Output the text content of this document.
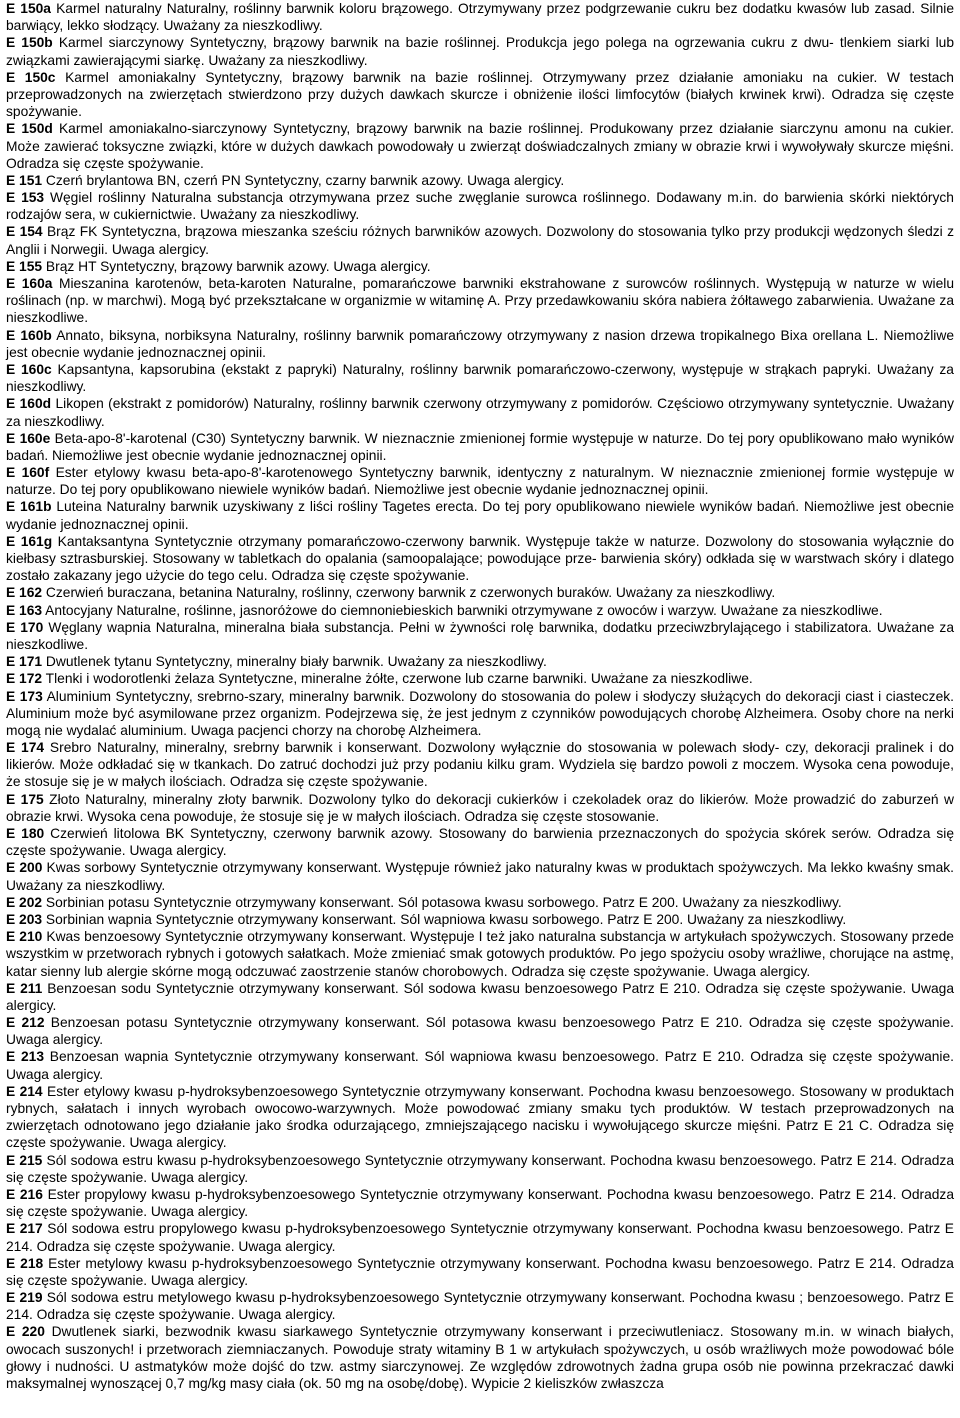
E 150a Karmel naturalny Naturalny, roślinny barwnik koloru brązowego. Otrzymywany przez podgrzewanie cukru bez dodatku kwasów lub zasad. Silnie barwiący, lekko słodzący. Uważany za nieszkodliwy.

E 150b Karmel siarczynowy Syntetyczny, brązowy barwnik na bazie roślinnej. Produkcja jego polega na ogrzewania cukru z dwu- tlenkiem siarki lub związkami zawierającymi siarkę. Uważany za nieszkodliwy.

E 150c Karmel amoniakalny Syntetyczny, brązowy barwnik na bazie roślinnej. Otrzymywany przez działanie amoniaku na cukier. W testach przeprowadzonych na zwierzętach stwierdzono przy dużych dawkach skurcze i obniżenie ilości limfocytów (białych krwinek krwi). Odradza się częste spożywanie.

E 150d Karmel amoniakalno-siarczynowy Syntetyczny, brązowy barwnik na bazie roślinnej. Produkowany przez działanie siarczynu amonu na cukier. Może zawierać toksyczne związki, które w dużych dawkach powodowały u zwierząt doświadczalnych zmiany w obrazie krwi i wywoływały skurcze mięśni. Odradza się częste spożywanie.

E 151 Czerń brylantowa BN, czerń PN Syntetyczny, czarny barwnik azowy. Uwaga alergicy.

E 153 Węgiel roślinny Naturalna substancja otrzymywana przez suche zwęglanie surowca roślinnego. Dodawany m.in. do barwienia skórki niektórych rodzajów sera, w cukiernictwie. Uważany za nieszkodliwy.

E 154 Brąz FK Syntetyczna, brązowa mieszanka sześciu różnych barwników azowych. Dozwolony do stosowania tylko przy produkcji wędzonych śledzi z Anglii i Norwegii. Uwaga alergicy.

E 155 Brąz HT Syntetyczny, brązowy barwnik azowy. Uwaga alergicy.

E 160a Mieszanina karotenów, beta-karoten Naturalne, pomarańczowe barwniki ekstrahowane z surowców roślinnych. Występują w naturze w wielu roślinach (np. w marchwi). Mogą być przekształcane w organizmie w witaminę A. Przy przedawkowaniu skóra nabiera żółtawego zabarwienia. Uważane za nieszkodliwe.

E 160b Annato, biksyna, norbiksyna Naturalny, roślinny barwnik pomarańczowy otrzymywany z nasion drzewa tropikalnego Bixa orellana L. Niemożliwe jest obecnie wydanie jednoznacznej opinii.

E 160c Kapsantyna, kapsorubina (ekstakt z papryki) Naturalny, roślinny barwnik pomarańczowo-czerwony, występuje w strąkach papryki. Uważany za nieszkodliwy.

E 160d Likopen (ekstrakt z pomidorów) Naturalny, roślinny barwnik czerwony otrzymywany z pomidorów. Częściowo otrzymywany syntetycznie. Uważany za nieszkodliwy.

E 160e Beta-apo-8'-karotenal (C30) Syntetyczny barwnik. W nieznacznie zmienionej formie występuje w naturze. Do tej pory opublikowano mało wyników badań. Niemożliwe jest obecnie wydanie jednoznacznej opinii.

E 160f Ester etylowy kwasu beta-apo-8'-karotenowego Syntetyczny barwnik, identyczny z naturalnym. W nieznacznie zmienionej formie występuje w naturze. Do tej pory opublikowano niewiele wyników badań. Niemożliwe jest obecnie wydanie jednoznacznej opinii.

E 161b Luteina Naturalny barwnik uzyskiwany z liści rośliny Tagetes erecta. Do tej pory opublikowano niewiele wyników badań. Niemożliwe jest obecnie wydanie jednoznacznej opinii.

E 161g Kantaksantyna Syntetycznie otrzymany pomarańczowo-czerwony barwnik. Występuje także w naturze. Dozwolony do stosowania wyłącznie do kiełbasy sztrasburskiej. Stosowany w tabletkach do opalania (samoopalające; powodujące prze- barwienia skóry) odkłada się w warstwach skóry i dlatego zostało zakazany jego użycie do tego celu. Odradza się częste spożywanie.

E 162 Czerwień buraczana, betanina Naturalny, roślinny, czerwony barwnik z czerwonych buraków. Uważany za nieszkodliwy.

E 163 Antocyjany Naturalne, roślinne, jasnoróżowe do ciemnoniebieskich barwniki otrzymywane z owoców i warzyw. Uważane za nieszkodliwe.

E 170 Węglany wapnia Naturalna, mineralna biała substancja. Pełni w żywności rolę barwnika, dodatku przeciwzbrylającego i stabilizatora. Uważane za nieszkodliwe.

E 171 Dwutlenek tytanu Syntetyczny, mineralny biały barwnik. Uważany za nieszkodliwy.

E 172 Tlenki i wodorotlenki żelaza Syntetyczne, mineralne żółte, czerwone lub czarne barwniki. Uważane za nieszkodliwe.

E 173 Aluminium Syntetyczny, srebrno-szary, mineralny barwnik. Dozwolony do stosowania do polew i słodyczy służących do dekoracji ciast i ciasteczek. Aluminium może być asymilowane przez organizm. Podejrzewa się, że jest jednym z czynników powodujących chorobę Alzheimera. Osoby chore na nerki mogą nie wydalać aluminium. Uwaga pacjenci chorzy na chorobę Alzheimera.

E 174 Srebro Naturalny, mineralny, srebrny barwnik i konserwant. Dozwolony wyłącznie do stosowania w polewach słody- czy, dekoracji pralinek i do likierów. Może odkładać się w tkankach. Do zatruć dochodzi już przy podaniu kilku gram. Wydziela się bardzo powoli z moczem. Wysoka cena powoduje, że stosuje się je w małych ilościach. Odradza się częste spożywanie.

E 175 Złoto Naturalny, mineralny złoty barwnik. Dozwolony tylko do dekoracji cukierków i czekoladek oraz do likierów. Może prowadzić do zaburzeń w obrazie krwi. Wysoka cena powoduje, że stosuje się je w małych ilościach. Odradza się częste stosowanie.

E 180 Czerwień litolowa BK Syntetyczny, czerwony barwnik azowy. Stosowany do barwienia przeznaczonych do spożycia skórek serów. Odradza się częste spożywanie. Uwaga alergicy.

E 200 Kwas sorbowy Syntetycznie otrzymywany konserwant. Występuje również jako naturalny kwas w produktach spożywczych. Ma lekko kwaśny smak. Uważany za nieszkodliwy.

E 202 Sorbinian potasu Syntetycznie otrzymywany konserwant. Sól potasowa kwasu sorbowego. Patrz E 200. Uważany za nieszkodliwy.

E 203 Sorbinian wapnia Syntetycznie otrzymywany konserwant. Sól wapniowa kwasu sorbowego. Patrz E 200. Uważany za nieszkodliwy.

E 210 Kwas benzoesowy Syntetycznie otrzymywany konserwant. Występuje I też jako naturalna substancja w artykułach spożywczych. Stosowany przede wszystkim w przetworach rybnych i gotowych sałatkach. Może zmieniać smak gotowych produktów. Po jego spożyciu osoby wrażliwe, chorujące na astmę, katar sienny lub alergie skórne mogą odczuwać zaostrzenie stanów chorobowych. Odradza się częste spożywanie. Uwaga alergicy.

E 211 Benzoesan sodu Syntetycznie otrzymywany konserwant. Sól sodowa kwasu benzoesowego Patrz E 210. Odradza się częste spożywanie. Uwaga alergicy.

E 212 Benzoesan potasu Syntetycznie otrzymywany konserwant. Sól potasowa kwasu benzoesowego Patrz E 210. Odradza się częste spożywanie. Uwaga alergicy.

E 213 Benzoesan wapnia Syntetycznie otrzymywany konserwant. Sól wapniowa kwasu benzoesowego. Patrz E 210. Odradza się częste spożywanie. Uwaga alergicy.

E 214 Ester etylowy kwasu p-hydroksybenzoesowego Syntetycznie otrzymywany konserwant. Pochodna kwasu benzoesowego. Stosowany w produktach rybnych, sałatach i innych wyrobach owocowo-warzywnych. Może powodować zmiany smaku tych produktów. W testach przeprowadzonych na zwierzętach odnotowano jego działanie jako środka odurzającego, zmniejszającego nacisku i wywołującego skurcze mięśni. Patrz E 21 C. Odradza się częste spożywanie. Uwaga alergicy.

E 215 Sól sodowa estru kwasu p-hydroksybenzoesowego Syntetycznie otrzymywany konserwant. Pochodna kwasu benzoesowego. Patrz E 214. Odradza się częste spożywanie. Uwaga alergicy.

E 216 Ester propylowy kwasu p-hydroksybenzoesowego Syntetycznie otrzymywany konserwant. Pochodna kwasu benzoesowego. Patrz E 214. Odradza się częste spożywanie. Uwaga alergicy.

E 217 Sól sodowa estru propylowego kwasu p-hydroksybenzoesowego Syntetycznie otrzymywany konserwant. Pochodna kwasu benzoesowego. Patrz E 214. Odradza się częste spożywanie. Uwaga alergicy.

E 218 Ester metylowy kwasu p-hydroksybenzoesowego Syntetycznie otrzymywany konserwant. Pochodna kwasu benzoesowego. Patrz E 214. Odradza się częste spożywanie. Uwaga alergicy.

E 219 Sól sodowa estru metylowego kwasu p-hydroksybenzoesowego Syntetycznie otrzymywany konserwant. Pochodna kwasu ; benzoesowego. Patrz E 214. Odradza się częste spożywanie. Uwaga alergicy.

E 220 Dwutlenek siarki, bezwodnik kwasu siarkawego Syntetycznie otrzymywany konserwant i przeciwutleniacz. Stosowany m.in. w winach białych, owocach suszonych! i przetworach ziemniaczanych. Powoduje straty witaminy B 1 w artykułach spożywczych, u osób wrażliwych może powodować bóle głowy i nudności. U astmatyków może dojść do tzw. astmy siarczynowej. Ze względów zdrowotnych żadna grupa osób nie powinna przekraczać dawki maksymalnej wynoszącej 0,7 mg/kg masy ciała (ok. 50 mg na osobę/dobę). Wypicie 2 kieliszków zwłaszcza
